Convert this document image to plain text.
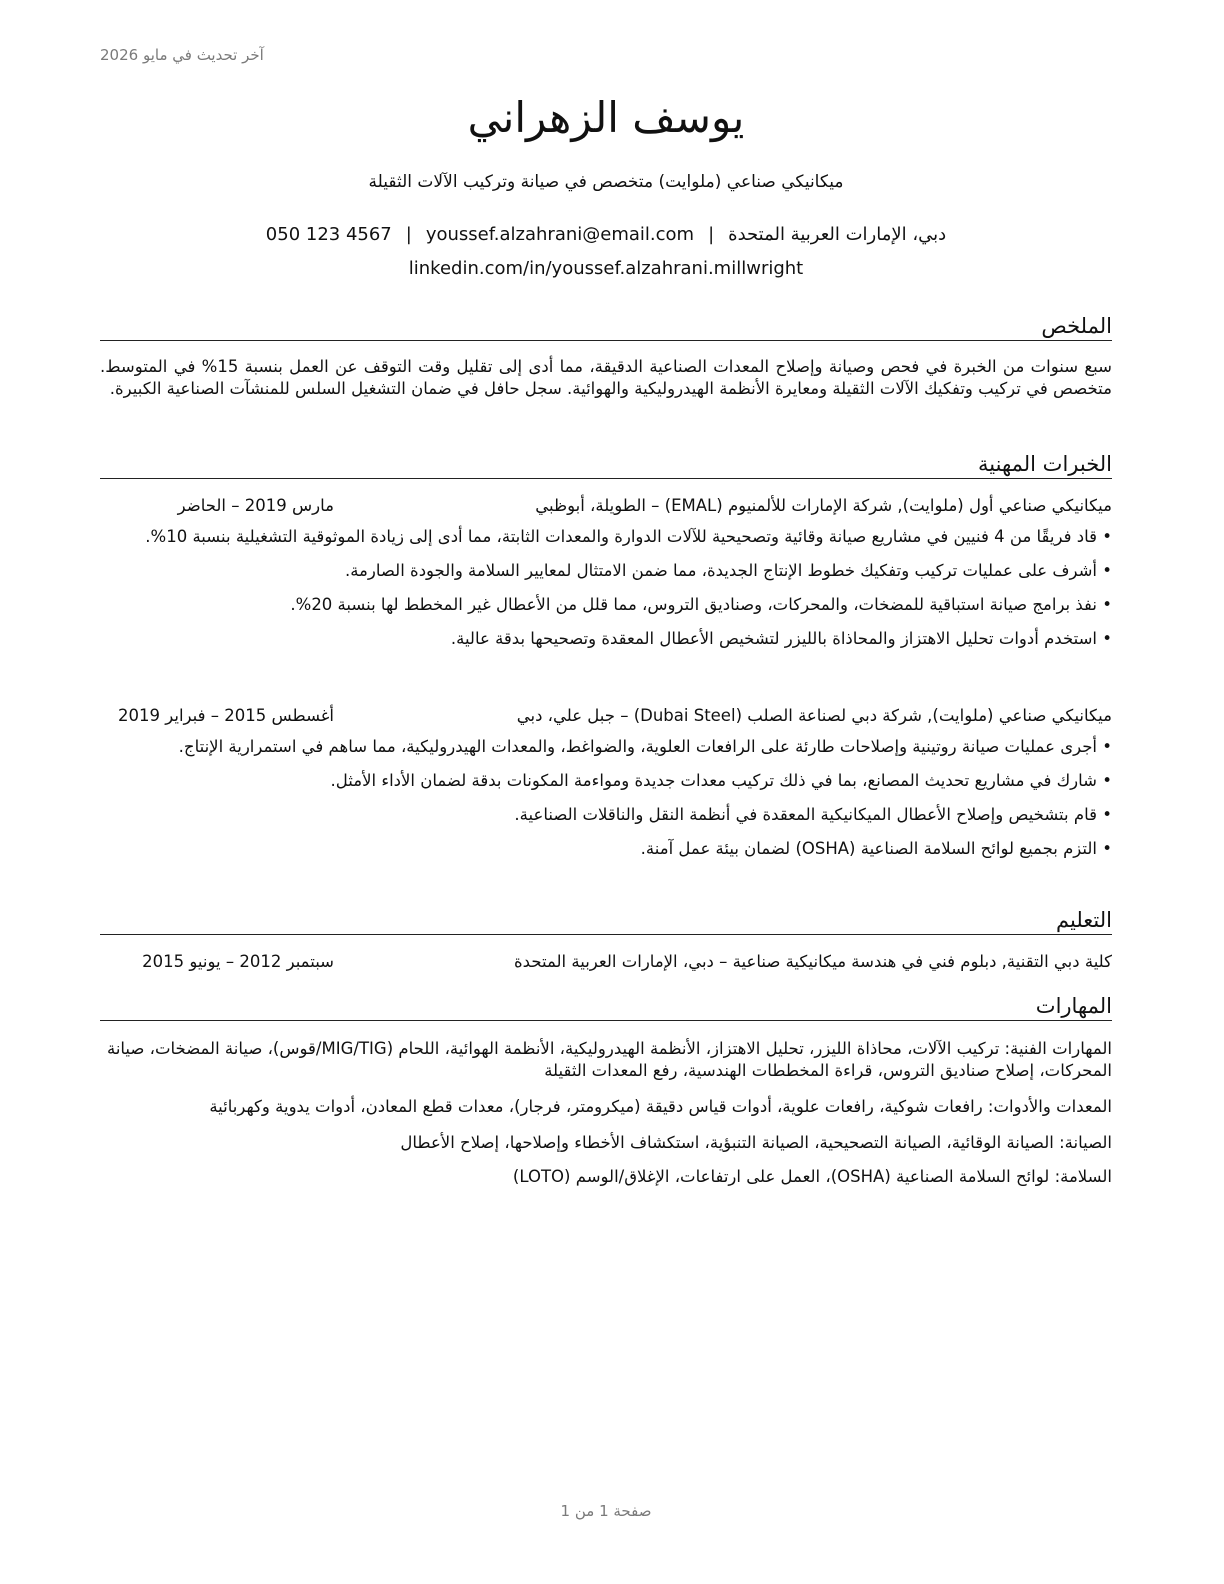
آخر تحديث في مايو 2026
يوسف الزهراني
ميكانيكي صناعي (ملوايت) متخصص في صيانة وتركيب الآلات الثقيلة
دبي، الإمارات العربية المتحدة|youssef.alzahrani@email.com|050 123 4567
linkedin.com/in/youssef.alzahrani.millwright
الملخص
سبع سنوات من الخبرة في فحص وصيانة وإصلاح المعدات الصناعية الدقيقة، مما أدى إلى تقليل وقت التوقف عن العمل بنسبة 15% في المتوسط. متخصص في تركيب وتفكيك الآلات الثقيلة ومعايرة الأنظمة الهيدروليكية والهوائية. سجل حافل في ضمان التشغيل السلس للمنشآت الصناعية الكبيرة.
الخبرات المهنية
ميكانيكي صناعي أول (ملوايت), شركة الإمارات للألمنيوم (EMAL) – الطويلة، أبوظبي
مارس 2019 – الحاضر
• قاد فريقًا من 4 فنيين في مشاريع صيانة وقائية وتصحيحية للآلات الدوارة والمعدات الثابتة، مما أدى إلى زيادة الموثوقية التشغيلية بنسبة 10%.
• أشرف على عمليات تركيب وتفكيك خطوط الإنتاج الجديدة، مما ضمن الامتثال لمعايير السلامة والجودة الصارمة.
• نفذ برامج صيانة استباقية للمضخات، والمحركات، وصناديق التروس، مما قلل من الأعطال غير المخطط لها بنسبة 20%.
• استخدم أدوات تحليل الاهتزاز والمحاذاة بالليزر لتشخيص الأعطال المعقدة وتصحيحها بدقة عالية.
ميكانيكي صناعي (ملوايت), شركة دبي لصناعة الصلب (Dubai Steel) – جبل علي، دبي
أغسطس 2015 – فبراير 2019
• أجرى عمليات صيانة روتينية وإصلاحات طارئة على الرافعات العلوية، والضواغط، والمعدات الهيدروليكية، مما ساهم في استمرارية الإنتاج.
• شارك في مشاريع تحديث المصانع، بما في ذلك تركيب معدات جديدة ومواءمة المكونات بدقة لضمان الأداء الأمثل.
• قام بتشخيص وإصلاح الأعطال الميكانيكية المعقدة في أنظمة النقل والناقلات الصناعية.
• التزم بجميع لوائح السلامة الصناعية (OSHA) لضمان بيئة عمل آمنة.
التعليم
كلية دبي التقنية, دبلوم فني في هندسة ميكانيكية صناعية – دبي، الإمارات العربية المتحدة
سبتمبر 2012 – يونيو 2015
المهارات
المهارات الفنية: تركيب الآلات، محاذاة الليزر، تحليل الاهتزاز، الأنظمة الهيدروليكية، الأنظمة الهوائية، اللحام (MIG/TIG/قوس)، صيانة المضخات، صيانة المحركات، إصلاح صناديق التروس، قراءة المخططات الهندسية، رفع المعدات الثقيلة
المعدات والأدوات: رافعات شوكية، رافعات علوية، أدوات قياس دقيقة (ميكرومتر، فرجار)، معدات قطع المعادن، أدوات يدوية وكهربائية
الصيانة: الصيانة الوقائية، الصيانة التصحيحية، الصيانة التنبؤية، استكشاف الأخطاء وإصلاحها، إصلاح الأعطال
السلامة: لوائح السلامة الصناعية (OSHA)، العمل على ارتفاعات، الإغلاق/الوسم (LOTO)
صفحة 1 من 1
